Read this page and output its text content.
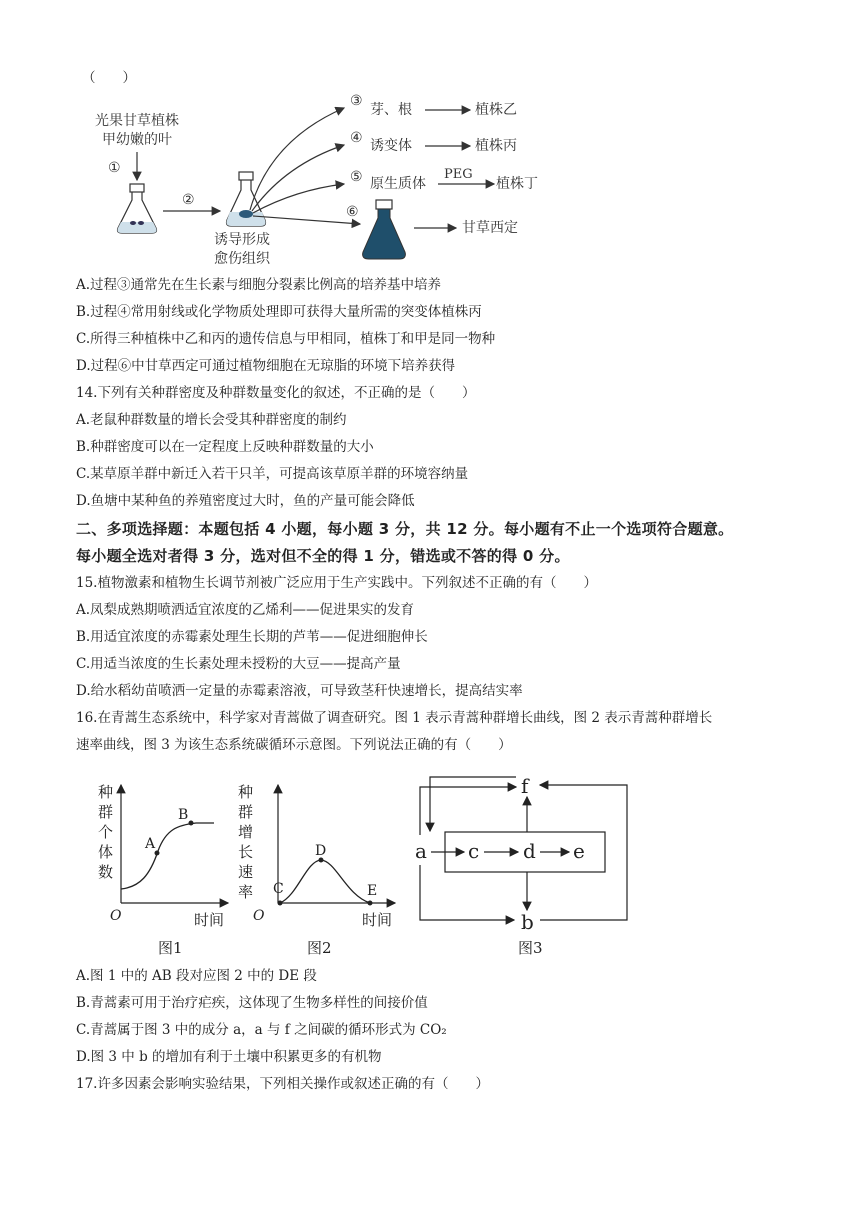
（　　）
光果甘草植株
甲幼嫩的叶
①
②
诱导形成
愈伤组织
③
④
⑤
⑥
芽、根	植株乙
诱变体	植株丙
原生质体
PEG
植株丁
甘草西定
A.过程③通常先在生长素与细胞分裂素比例高的培养基中培养
B.过程④常用射线或化学物质处理即可获得大量所需的突变体植株丙
C.所得三种植株中乙和丙的遗传信息与甲相同，植株丁和甲是同一物种
D.过程⑥中甘草西定可通过植物细胞在无琼脂的环境下培养获得
14.下列有关种群密度及种群数量变化的叙述，不正确的是（　　）
A.老鼠种群数量的增长会受其种群密度的制约
B.种群密度可以在一定程度上反映种群数量的大小
C.某草原羊群中新迁入若干只羊，可提高该草原羊群的环境容纳量
D.鱼塘中某种鱼的养殖密度过大时，鱼的产量可能会降低
二、多项选择题：本题包括 4 小题，每小题 3 分，共 12 分。每小题有不止一个选项符合题意。
每小题全选对者得 3 分，选对但不全的得 1 分，错选或不答的得 0 分。
15.植物激素和植物生长调节剂被广泛应用于生产实践中。下列叙述不正确的有（　　）
A.凤梨成熟期喷洒适宜浓度的乙烯利——促进果实的发育
B.用适宜浓度的赤霉素处理生长期的芦苇——促进细胞伸长
C.用适当浓度的生长素处理未授粉的大豆——提高产量
D.给水稻幼苗喷洒一定量的赤霉素溶液，可导致茎秆快速增长，提高结实率
16.在青蒿生态系统中，科学家对青蒿做了调查研究。图 1 表示青蒿种群增长曲线，图 2 表示青蒿种群增长
速率曲线，图 3 为该生态系统碳循环示意图。下列说法正确的有（　　）
种
群
个
体
数
A
B
O	时间
图1
种
群
增
长
速
率 C
D
E
O	时间
图2
a c d e
f
b
图3
A.图 1 中的 AB 段对应图 2 中的 DE 段
B.青蒿素可用于治疗疟疾，这体现了生物多样性的间接价值
C.青蒿属于图 3 中的成分 a，a 与 f 之间碳的循环形式为 CO₂
D.图 3 中 b 的增加有利于土壤中积累更多的有机物
17.许多因素会影响实验结果，下列相关操作或叙述正确的有（　　）
